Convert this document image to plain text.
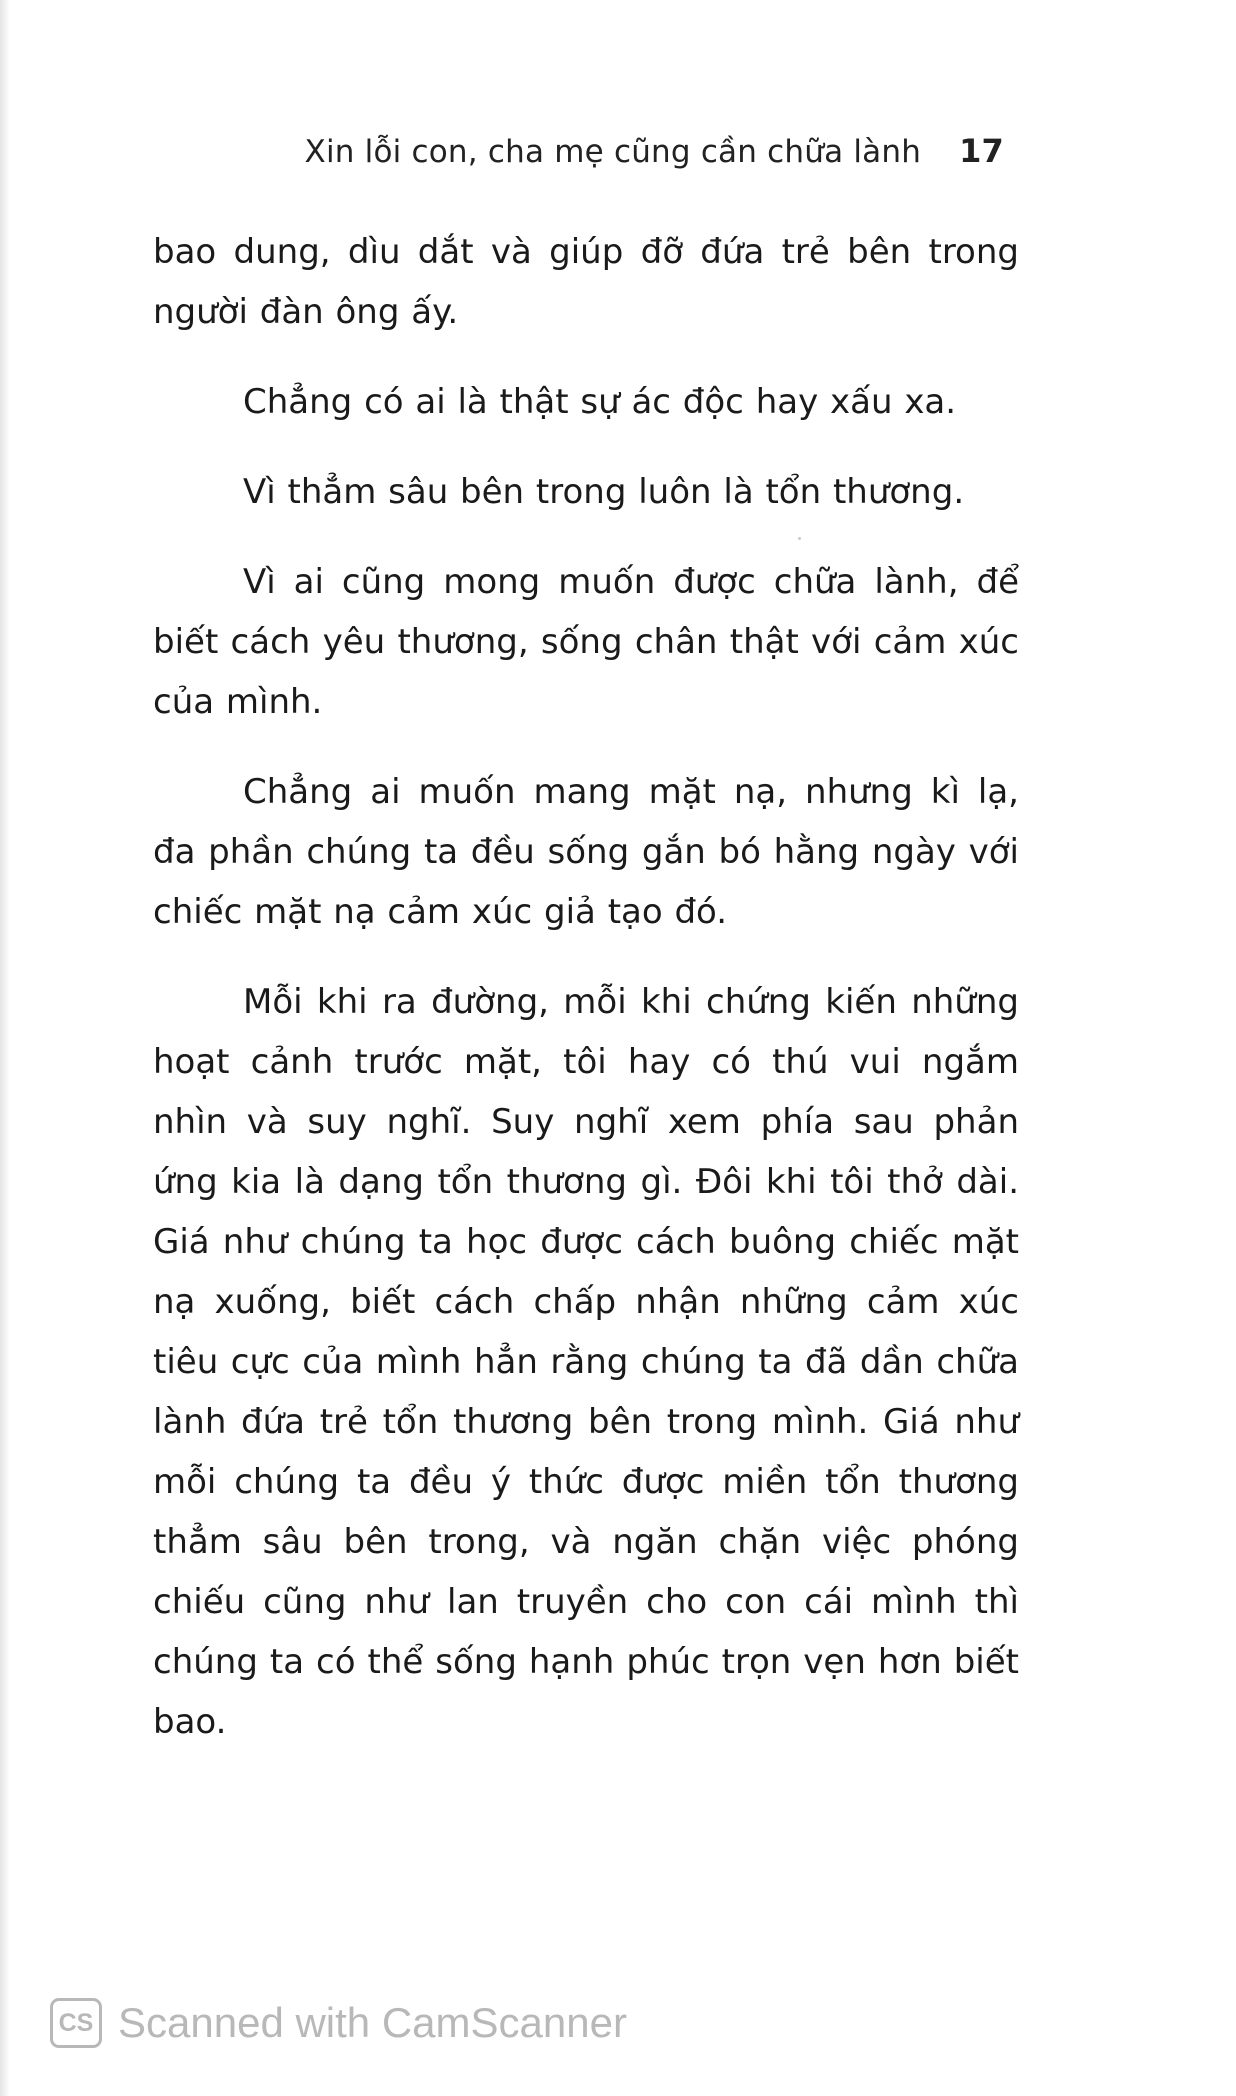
Xin lỗi con, cha mẹ cũng cần chữa lành 17

bao dung, dìu dắt và giúp đỡ đứa trẻ bên trong người đàn ông ấy.

Chẳng có ai là thật sự ác độc hay xấu xa.

Vì thẳm sâu bên trong luôn là tổn thương.

Vì ai cũng mong muốn được chữa lành, để biết cách yêu thương, sống chân thật với cảm xúc của mình.

Chẳng ai muốn mang mặt nạ, nhưng kì lạ, đa phần chúng ta đều sống gắn bó hằng ngày với chiếc mặt nạ cảm xúc giả tạo đó.

Mỗi khi ra đường, mỗi khi chứng kiến những hoạt cảnh trước mặt, tôi hay có thú vui ngắm nhìn và suy nghĩ. Suy nghĩ xem phía sau phản ứng kia là dạng tổn thương gì. Đôi khi tôi thở dài. Giá như chúng ta học được cách buông chiếc mặt nạ xuống, biết cách chấp nhận những cảm xúc tiêu cực của mình hẳn rằng chúng ta đã dần chữa lành đứa trẻ tổn thương bên trong mình. Giá như mỗi chúng ta đều ý thức được miền tổn thương thẳm sâu bên trong, và ngăn chặn việc phóng chiếu cũng như lan truyền cho con cái mình thì chúng ta có thể sống hạnh phúc trọn vẹn hơn biết bao.

CS Scanned with CamScanner
